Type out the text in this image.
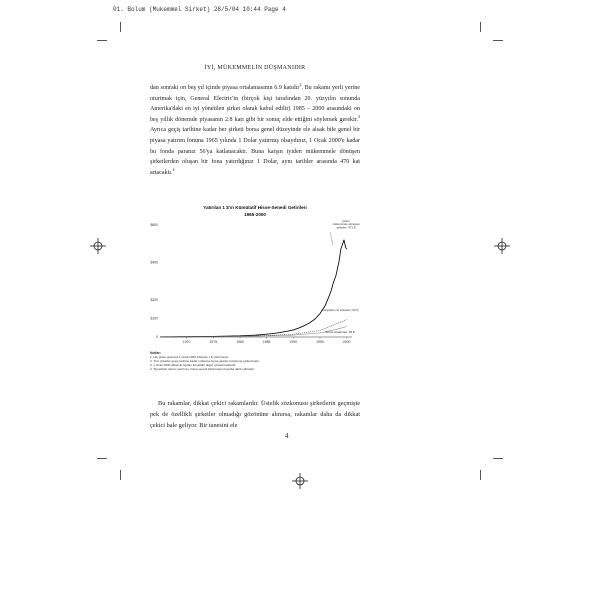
01. Bolum (Mukemmel Sirket) 28/5/04 10:44 Page 4
İYİ, MÜKEMMELİN DÜŞMANIDIR

dan sonraki on beş yıl içinde piyasa ortalamasının 6.9 katıdır$^2$. Bu rakamı yerli yerine oturtmak için, General Electric'in (birçok kişi tarafından 20. yüzyılın sonunda Amerika'daki en iyi yönetilen şirket olarak kabul edilir) 1985 – 2000 arasındaki on beş yıllık dönemde piyasanın 2.8 katı gibi bir sonuç elde ettiğini söylemek gerekir.$^3$ Ayrıca geçiş tarihine kadar her şirketi borsa genel düzeyinde ele alsak bile genel bir piyasa yatırım fonuna 1965 yılında 1 Dolar yatırmış olsaydınız, 1 Ocak 2000'e kadar bu fonda paranız 56'ya katlanacaktı. Buna karşın iyiden mükemmele dönüşen şirketlerden oluşan bir fona yatırdığınız 1 Dolar, aynı tarihler arasında 470 kat artacaktı.$^4$

Yatırılan 1 $'ın Kümülatif Hisse-Senedi Getirileri
1965-2000
$600
$400
$200
$100
0
1970	1975	1980	1985	1990	1995	2000
İyiden mükemmele dönüşen şirketler: 471 $
Karşılaştırma şirketleri: 93 $
Borsa ortalaması: 56 $
Notlar:
1. Her şirket grubuna 1 Ocak 1965 itibariyle 1 $ yatırılmıştır.
2. Tüm şirketler geçiş tarihine kadar ortalama borsa getirisi oranlarına eşitlenmiştir.
3. 1 Ocak 2000 itibariyle toplam kümülatif değer gösterilmektedir.
4. Temettüler tekrar yatırılmış, hisse senedi bölünmeleri hesaba dahil edilmiştir.

Bu rakamlar, dikkat çekici rakamlardır. Üstelik sözkonusu şirketlerin geçmişte pek de özellikli şirketler olmadığı gözönüne alınırsa, rakamlar daha da dikkat çekici hale geliyor. Bir tanesini ele

4
